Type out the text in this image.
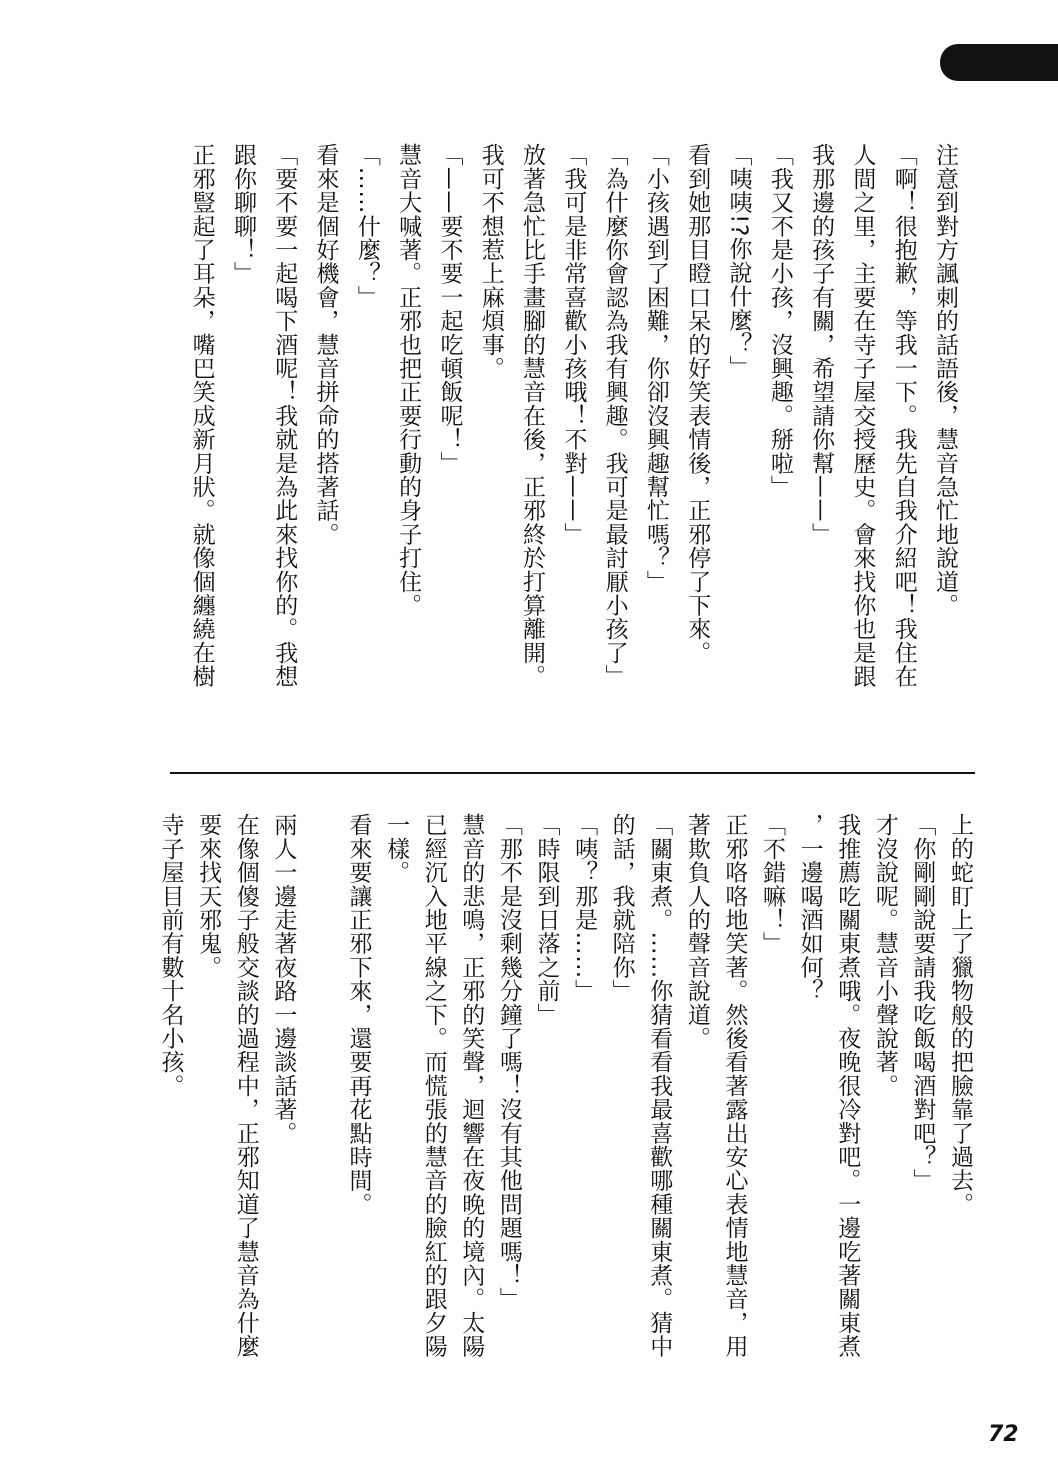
注意到對方諷刺的話語後，慧音急忙地說道。
「啊！很抱歉，等我一下。我先自我介紹吧！我住在
人間之里，主要在寺子屋交授歷史。會來找你也是跟
我那邊的孩子有關，希望請你幫——」
「我又不是小孩，沒興趣。掰啦」
「咦咦!?你說什麼？」
看到她那目瞪口呆的好笑表情後，正邪停了下來。
「小孩遇到了困難，你卻沒興趣幫忙嗎？」
「為什麼你會認為我有興趣。我可是最討厭小孩了」
「我可是非常喜歡小孩哦！不對——」
放著急忙比手畫腳的慧音在後，正邪終於打算離開。
我可不想惹上麻煩事。
「——要不要一起吃頓飯呢！」
慧音大喊著。正邪也把正要行動的身子打住。
「……什麼？」
看來是個好機會，慧音拼命的搭著話。
「要不要一起喝下酒呢！我就是為此來找你的。我想
跟你聊聊！」
正邪豎起了耳朵，嘴巴笑成新月狀。就像個纏繞在樹
上的蛇盯上了獵物般的把臉靠了過去。
「你剛剛說要請我吃飯喝酒對吧？」
才沒說呢。慧音小聲說著。
我推薦吃關東煮哦。夜晚很冷對吧。一邊吃著關東煮
，一邊喝酒如何？
「不錯嘛！」
正邪咯咯地笑著。然後看著露出安心表情地慧音，用
著欺負人的聲音說道。
「關東煮。……你猜看看我最喜歡哪種關東煮。猜中
的話，我就陪你」
「咦？那是……」
「時限到日落之前」
「那不是沒剩幾分鐘了嗎！沒有其他問題嗎！」
慧音的悲鳴，正邪的笑聲，迴響在夜晚的境內。太陽
已經沉入地平線之下。而慌張的慧音的臉紅的跟夕陽
一樣。
看來要讓正邪下來，還要再花點時間。
兩人一邊走著夜路一邊談話著。
在像個傻子般交談的過程中，正邪知道了慧音為什麼
要來找天邪鬼。
寺子屋目前有數十名小孩。
72
